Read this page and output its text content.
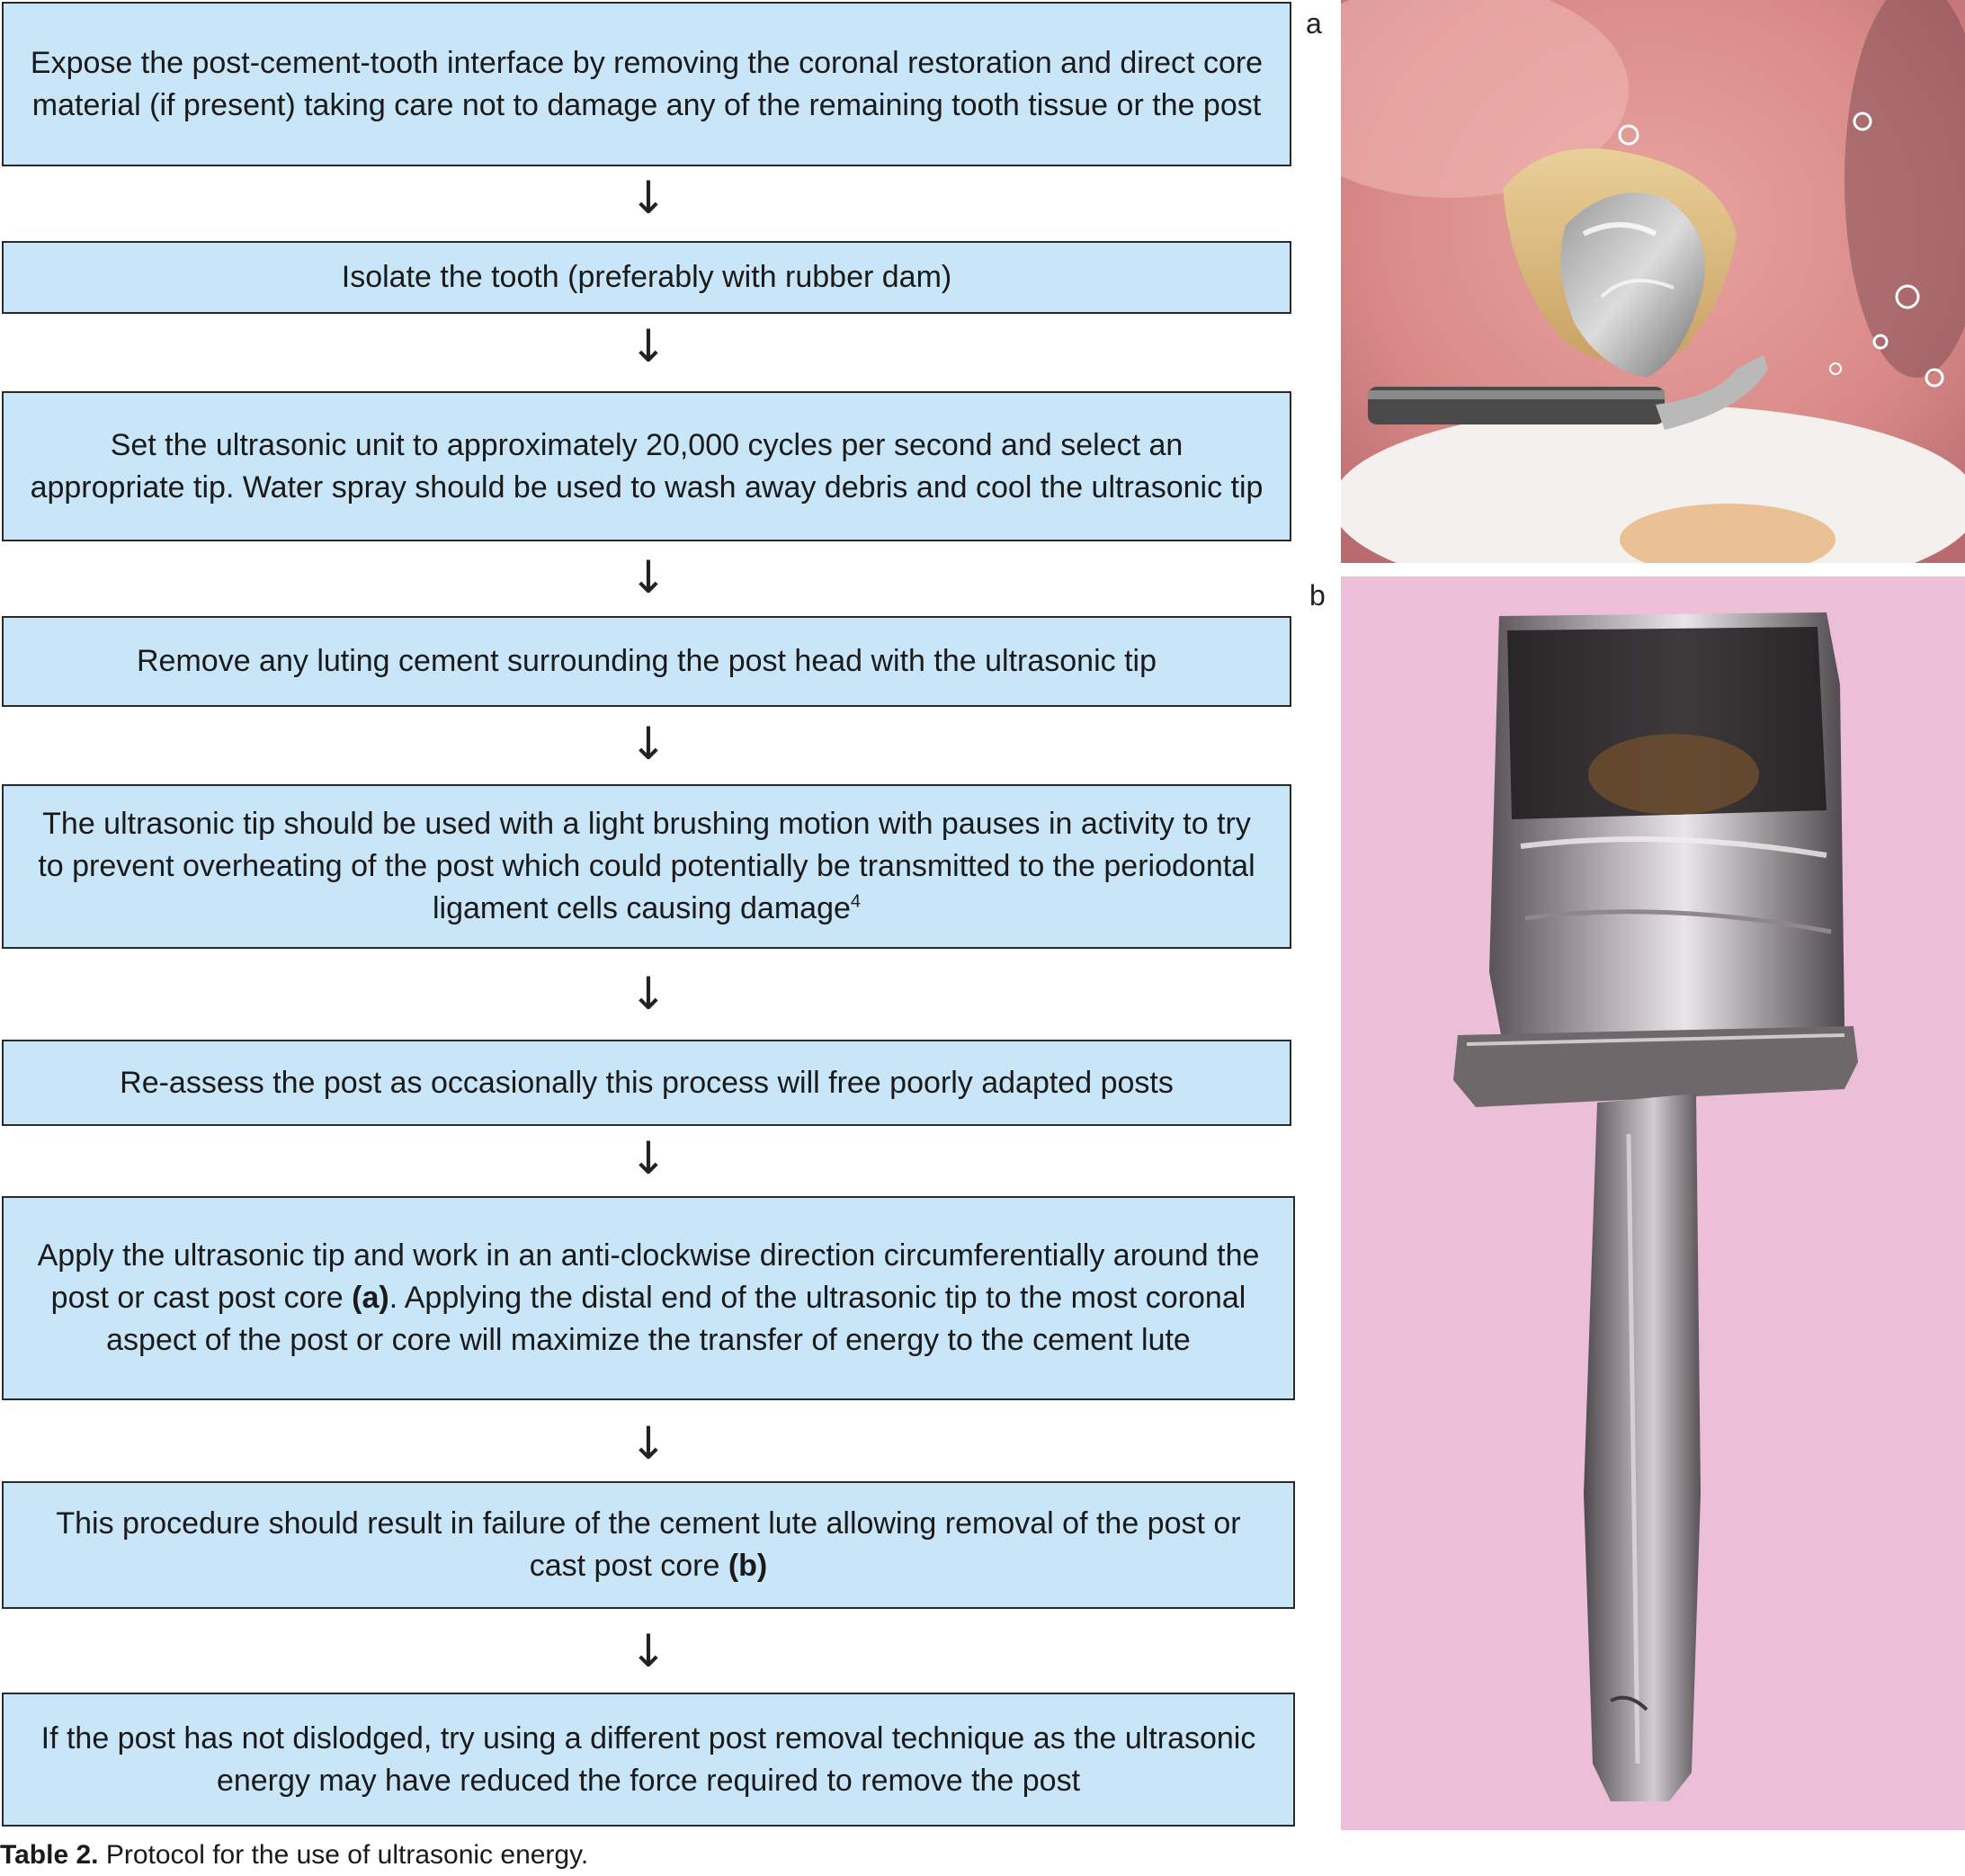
Expose the post-cement-tooth interface by removing the coronal restoration and direct core material (if present) taking care not to damage any of the remaining tooth tissue or the post
↓
Isolate the tooth (preferably with rubber dam)
↓
Set the ultrasonic unit to approximately 20,000 cycles per second and select an appropriate tip. Water spray should be used to wash away debris and cool the ultrasonic tip
↓
Remove any luting cement surrounding the post head with the ultrasonic tip
↓
The ultrasonic tip should be used with a light brushing motion with pauses in activity to try to prevent overheating of the post which could potentially be transmitted to the periodontal ligament cells causing damage$^4$
↓
Re-assess the post as occasionally this process will free poorly adapted posts
↓
Apply the ultrasonic tip and work in an anti-clockwise direction circumferentially around the post or cast post core (a). Applying the distal end of the ultrasonic tip to the most coronal aspect of the post or core will maximize the transfer of energy to the cement lute
↓
This procedure should result in failure of the cement lute allowing removal of the post or cast post core (b)
↓
If the post has not dislodged, try using a different post removal technique as the ultrasonic energy may have reduced the force required to remove the post
a
b
Table 2. Protocol for the use of ultrasonic energy.
